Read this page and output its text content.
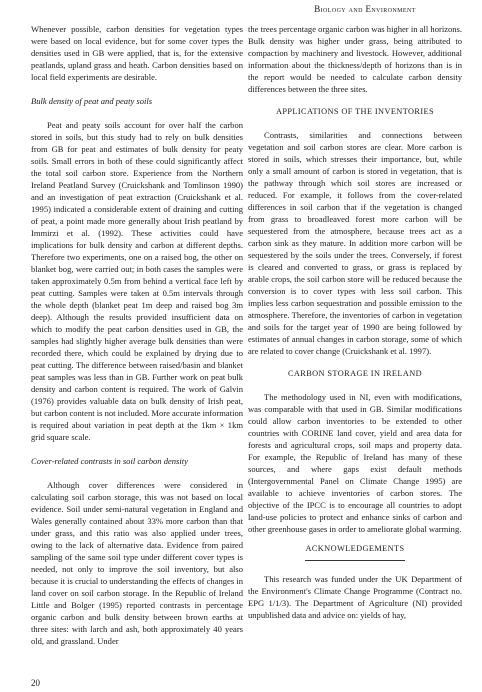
Biology and Environment

Whenever possible, carbon densities for vegetation types were based on local evidence, but for some cover types the densities used in GB were applied, that is, for the extensive peatlands, upland grass and heath. Carbon densities based on local field experiments are desirable.

Bulk density of peat and peaty soils

Peat and peaty soils account for over half the carbon stored in soils, but this study had to rely on bulk densities from GB for peat and estimates of bulk density for peaty soils. Small errors in both of these could significantly affect the total soil carbon store. Experience from the Northern Ireland Peatland Survey (Cruickshank and Tomlinson 1990) and an investigation of peat extraction (Cruickshank et al. 1995) indicated a considerable extent of draining and cutting of peat, a point made more generally about Irish peatland by Immirzi et al. (1992). These activities could have implications for bulk density and carbon at different depths. Therefore two experiments, one on a raised bog, the other on blanket bog, were carried out; in both cases the samples were taken approximately 0.5m from behind a vertical face left by peat cutting. Samples were taken at 0.5m intervals through the whole depth (blanket peat 1m deep and raised bog 3m deep). Although the results provided insufficient data on which to modify the peat carbon densities used in GB, the samples had slightly higher average bulk densities than were recorded there, which could be explained by drying due to peat cutting. The difference between raised/basin and blanket peat samples was less than in GB. Further work on peat bulk density and carbon content is required. The work of Galvin (1976) provides valuable data on bulk density of Irish peat, but carbon content is not included. More accurate information is required about variation in peat depth at the 1km × 1km grid square scale.

Cover-related contrasts in soil carbon density

Although cover differences were considered in calculating soil carbon storage, this was not based on local evidence. Soil under semi-natural vegetation in England and Wales generally contained about 33% more carbon than that under grass, and this ratio was also applied under trees, owing to the lack of alternative data. Evidence from paired sampling of the same soil type under different cover types is needed, not only to improve the soil inventory, but also because it is crucial to understanding the effects of changes in land cover on soil carbon storage. In the Republic of Ireland Little and Bolger (1995) reported contrasts in percentage organic carbon and bulk density between brown earths at three sites: with larch and ash, both approximately 40 years old, and grassland. Under

the trees percentage organic carbon was higher in all horizons. Bulk density was higher under grass, being attributed to compaction by machinery and livestock. However, additional information about the thickness/depth of horizons than is in the report would be needed to calculate carbon density differences between the three sites.

APPLICATIONS OF THE INVENTORIES

Contrasts, similarities and connections between vegetation and soil carbon stores are clear. More carbon is stored in soils, which stresses their importance, but, while only a small amount of carbon is stored in vegetation, that is the pathway through which soil stores are increased or reduced. For example, it follows from the cover-related differences in soil carbon that if the vegetation is changed from grass to broadleaved forest more carbon will be sequestered from the atmosphere, because trees act as a carbon sink as they mature. In addition more carbon will be sequestered by the soils under the trees. Conversely, if forest is cleared and converted to grass, or grass is replaced by arable crops, the soil carbon store will be reduced because the conversion is to cover types with less soil carbon. This implies less carbon sequestration and possible emission to the atmosphere. Therefore, the inventories of carbon in vegetation and soils for the target year of 1990 are being followed by estimates of annual changes in carbon storage, some of which are related to cover change (Cruickshank et al. 1997).

CARBON STORAGE IN IRELAND

The methodology used in NI, even with modifications, was comparable with that used in GB. Similar modifications could allow carbon inventories to be extended to other countries with CORINE land cover, yield and area data for forests and agricultural crops, soil maps and property data. For example, the Republic of Ireland has many of these sources, and where gaps exist default methods (Intergovernmental Panel on Climate Change 1995) are available to achieve inventories of carbon stores. The objective of the IPCC is to encourage all countries to adopt land-use policies to protect and enhance sinks of carbon and other greenhouse gases in order to ameliorate global warming.

ACKNOWLEDGEMENTS

This research was funded under the UK Department of the Environment's Climate Change Programme (Contract no. EPG 1/1/3). The Department of Agriculture (NI) provided unpublished data and advice on: yields of hay,

20
